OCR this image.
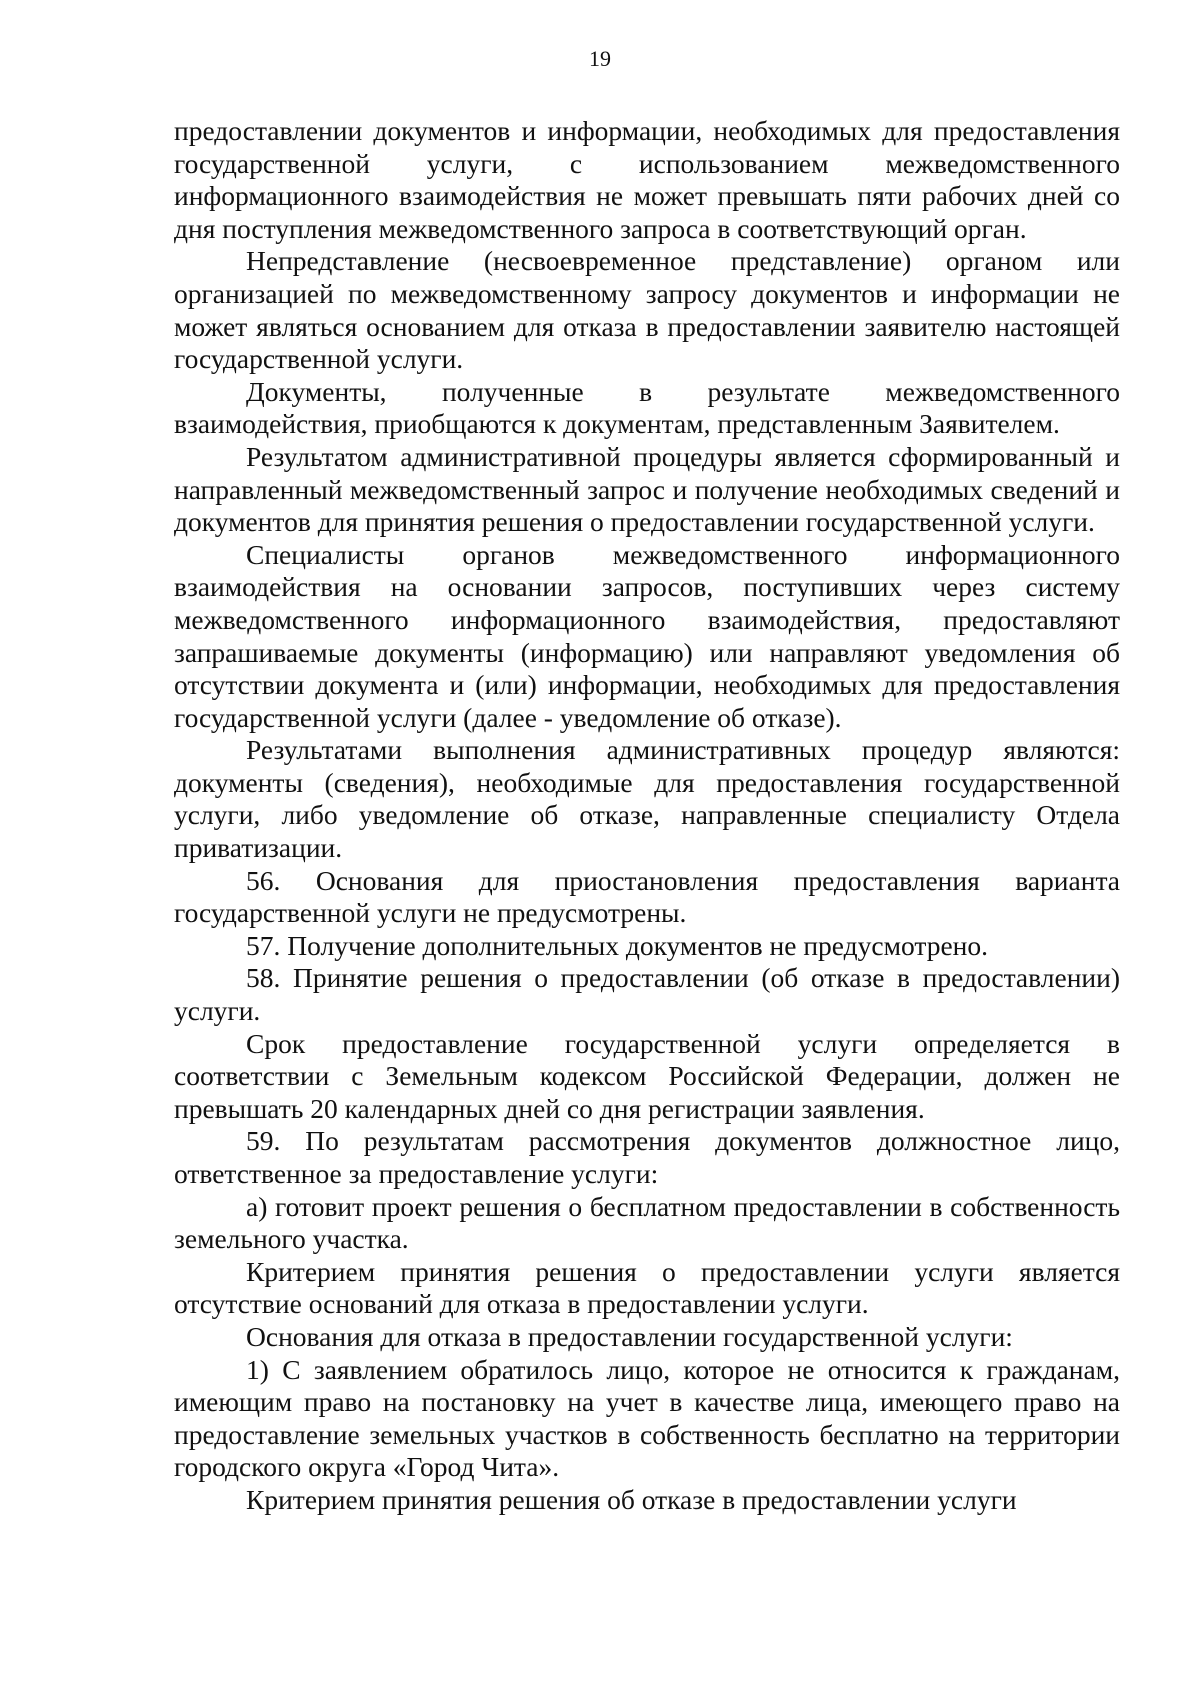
19

предоставлении документов и информации, необходимых для предоставления государственной услуги, с использованием межведомственного информационного взаимодействия не может превышать пяти рабочих дней со дня поступления межведомственного запроса в соответствующий орган.

Непредставление (несвоевременное представление) органом или организацией по межведомственному запросу документов и информации не может являться основанием для отказа в предоставлении заявителю настоящей государственной услуги.

Документы, полученные в результате межведомственного взаимодействия, приобщаются к документам, представленным Заявителем.

Результатом административной процедуры является сформированный и направленный межведомственный запрос и получение необходимых сведений и документов для принятия решения о предоставлении государственной услуги.

Специалисты органов межведомственного информационного взаимодействия на основании запросов, поступивших через систему межведомственного информационного взаимодействия, предоставляют запрашиваемые документы (информацию) или направляют уведомления об отсутствии документа и (или) информации, необходимых для предоставления государственной услуги (далее - уведомление об отказе).

Результатами выполнения административных процедур являются: документы (сведения), необходимые для предоставления государственной услуги, либо уведомление об отказе, направленные специалисту Отдела приватизации.

56. Основания для приостановления предоставления варианта государственной услуги не предусмотрены.

57. Получение дополнительных документов не предусмотрено.

58. Принятие решения о предоставлении (об отказе в предоставлении) услуги.

Срок предоставление государственной услуги определяется в соответствии с Земельным кодексом Российской Федерации, должен не превышать 20 календарных дней со дня регистрации заявления.

59. По результатам рассмотрения документов должностное лицо, ответственное за предоставление услуги:

а) готовит проект решения о бесплатном предоставлении в собственность земельного участка.

Критерием принятия решения о предоставлении услуги является отсутствие оснований для отказа в предоставлении услуги.

Основания для отказа в предоставлении государственной услуги:

1) С заявлением обратилось лицо, которое не относится к гражданам, имеющим право на постановку на учет в качестве лица, имеющего право на предоставление земельных участков в собственность бесплатно на территории городского округа «Город Чита».

Критерием принятия решения об отказе в предоставлении услуги
